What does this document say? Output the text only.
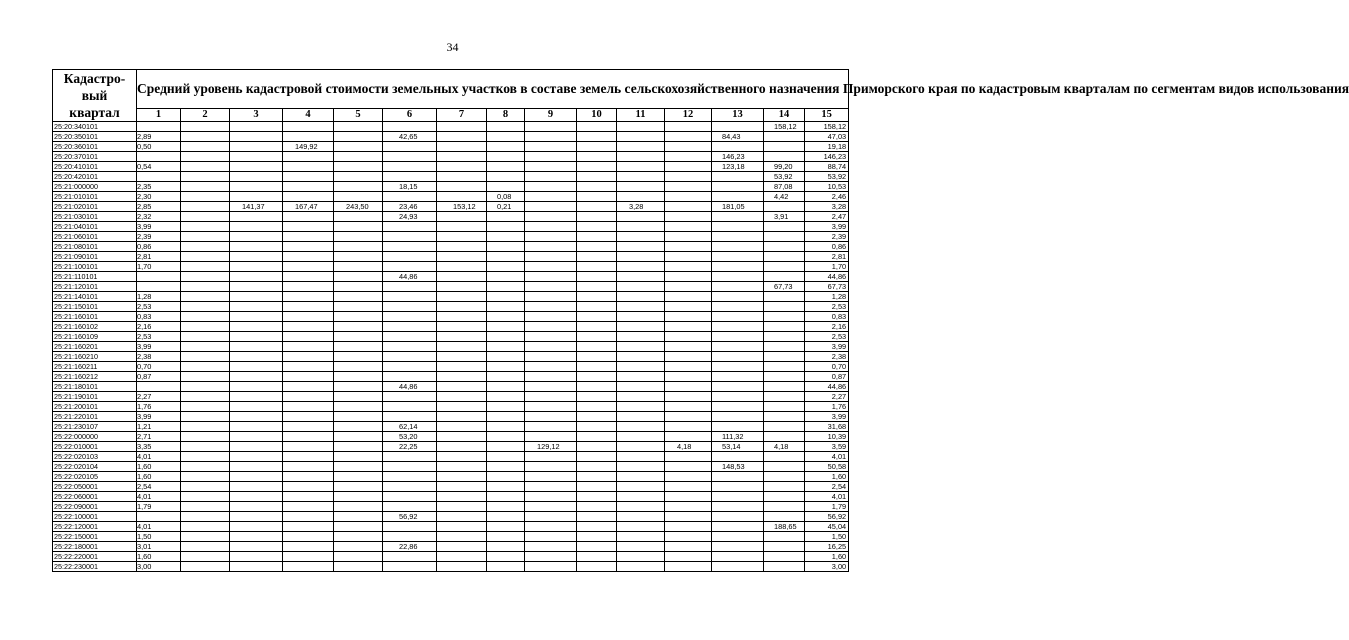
34
Кадастро-
вый
квартал	Средний уровень кадастровой стоимости земельных участков в составе земель сельскохозяйственного назначения Приморского края по кадастровым кварталам по сегментам видов использования														
	1	2	3	4	5	6	7	8	9	10	11	12	13	14	15
25:20:340101														158,12	158,12
25:20:350101	2,89					42,65							84,43		47,03
25:20:360101	0,50			149,92											19,18
25:20:370101													146,23		146,23
25:20:410101	0,54												123,18	99,20	88,74
25:20:420101														53,92	53,92
25:21:000000	2,35					18,15								87,08	10,53
25:21:010101	2,30							0,08						4,42	2,46
25:21:020101	2,85		141,37	167,47	243,50	23,46	153,12	0,21			3,28		181,05		3,28
25:21:030101	2,32					24,93								3,91	2,47
25:21:040101	3,99														3,99
25:21:060101	2,39														2,39
25:21:080101	0,86														0,86
25:21:090101	2,81														2,81
25:21:100101	1,70														1,70
25:21:110101						44,86									44,86
25:21:120101														67,73	67,73
25:21:140101	1,28														1,28
25:21:150101	2,53														2,53
25:21:160101	0,83														0,83
25:21:160102	2,16														2,16
25:21:160109	2,53														2,53
25:21:160201	3,99														3,99
25:21:160210	2,38														2,38
25:21:160211	0,70														0,70
25:21:160212	0,87														0,87
25:21:180101						44,86									44,86
25:21:190101	2,27														2,27
25:21:200101	1,76														1,76
25:21:220101	3,99														3,99
25:21:230107	1,21					62,14									31,68
25:22:000000	2,71					53,20							111,32		10,39
25:22:010001	3,35					22,25			129,12			4,18	53,14	4,18	3,59
25:22:020103	4,01														4,01
25:22:020104	1,60												148,53		50,58
25:22:020105	1,60														1,60
25:22:050001	2,54														2,54
25:22:060001	4,01														4,01
25:22:090001	1,79														1,79
25:22:100001						56,92									56,92
25:22:120001	4,01													188,65	45,04
25:22:150001	1,50														1,50
25:22:180001	3,01					22,86									16,25
25:22:220001	1,60														1,60
25:22:230001	3,00														3,00
